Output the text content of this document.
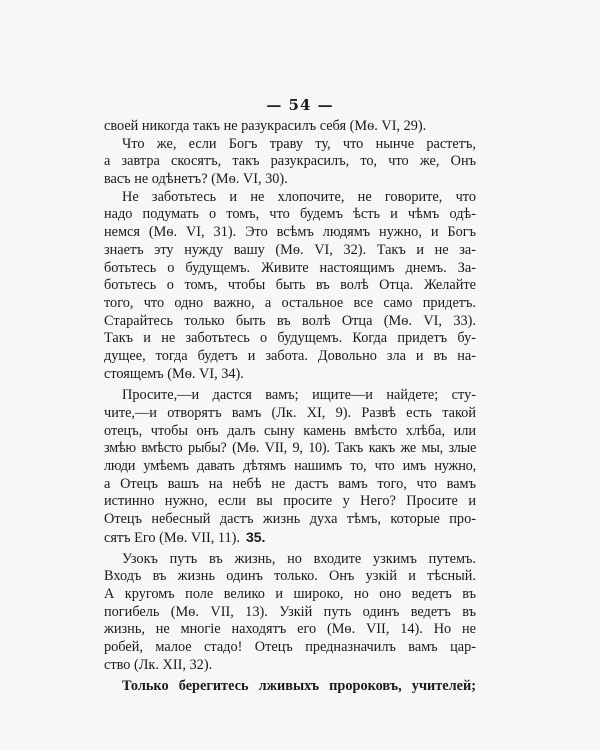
— 54 —
своей никогда такъ не разукрасилъ себя (Мѳ. VI, 29).
Что же, если Богъ траву ту, что нынче растетъ,
а завтра скосятъ, такъ разукрасилъ, то, что же, Онъ
васъ не одѣнетъ? (Мѳ. VI, 30).
Не заботьтесь и не хлопочите, не говорите, что
надо подумать о томъ, что будемъ ѣсть и чѣмъ одѣ-
немся (Мѳ. VI, 31). Это всѣмъ людямъ нужно, и Богъ
знаетъ эту нужду вашу (Мѳ. VI, 32). Такъ и не за-
ботьтесь о будущемъ. Живите настоящимъ днемъ. За-
ботьтесь о томъ, чтобы быть въ волѣ Отца. Желайте
того, что одно важно, а остальное все само придетъ.
Старайтесь только быть въ волѣ Отца (Мѳ. VI, 33).
Такъ и не заботьтесь о будущемъ. Когда придетъ бу-
дущее, тогда будетъ и забота. Довольно зла и въ на-
стоящемъ (Мѳ. VI, 34).
Просите,—и дастся вамъ; ищите—и найдете; сту-
чите,—и отворятъ вамъ (Лк. XI, 9). Развѣ есть такой
отецъ, чтобы онъ далъ сыну камень вмѣсто хлѣба, или
змѣю вмѣсто рыбы? (Мѳ. VII, 9, 10). Такъ какъ же мы, злые
люди умѣемъ давать дѣтямъ нашимъ то, что имъ нужно,
а Отецъ вашъ на небѣ не дастъ вамъ того, что вамъ
истинно нужно, если вы просите у Него? Просите и
Отецъ небесный дастъ жизнь духа тѣмъ, которые про-
сятъ Его (Мѳ. VII, 11). 35.
Узокъ путь въ жизнь, но входите узкимъ путемъ.
Входъ въ жизнь одинъ только. Онъ узкій и тѣсный.
А кругомъ поле велико и широко, но оно ведетъ въ
погибель (Мѳ. VII, 13). Узкій путь одинъ ведетъ въ
жизнь, не многіе находятъ его (Мѳ. VII, 14). Но не
робей, малое стадо! Отецъ предназначилъ вамъ цар-
ство (Лк. XII, 32).
Только берегитесь лживыхъ пророковъ, учителей;
